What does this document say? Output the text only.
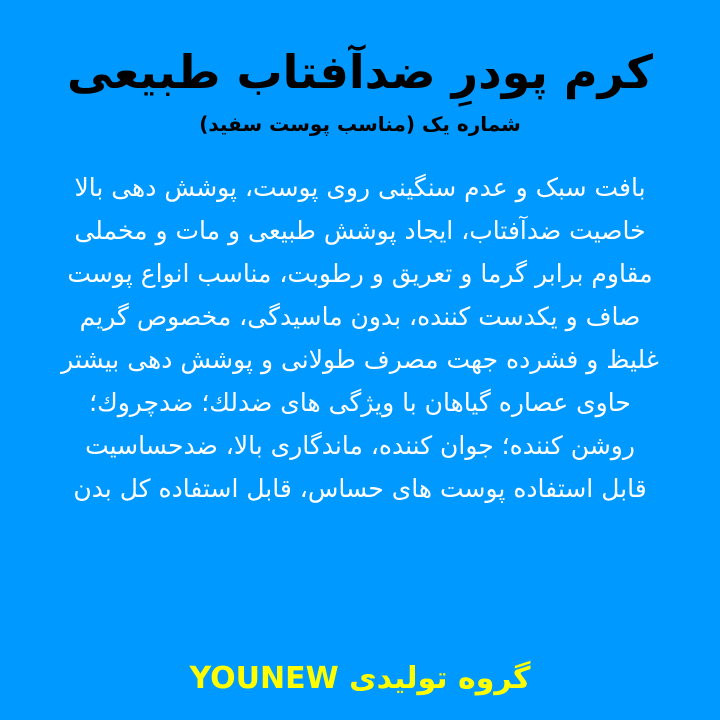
کرم پودرِ ضدآفتاب طبیعی
شماره یک (مناسب پوست سفید)
بافت سبک و عدم سنگینی روی پوست، پوشش دهی بالا
خاصیت ضدآفتاب، ایجاد پوشش طبیعی و مات و مخملی
مقاوم برابر گرما و تعریق و رطوبت، مناسب انواع پوست
صاف و یکدست کننده، بدون ماسیدگی، مخصوص گریم
غلیظ و فشرده جهت مصرف طولانی و پوشش دهی بیشتر
حاوی عصاره گیاهان با ویژگی های ضدلك؛ ضدچروك؛
روشن کننده؛ جوان کننده، ماندگاری بالا، ضدحساسیت
قابل استفاده پوست های حساس، قابل استفاده کل بدن
گروه تولیدی YOUNEW
